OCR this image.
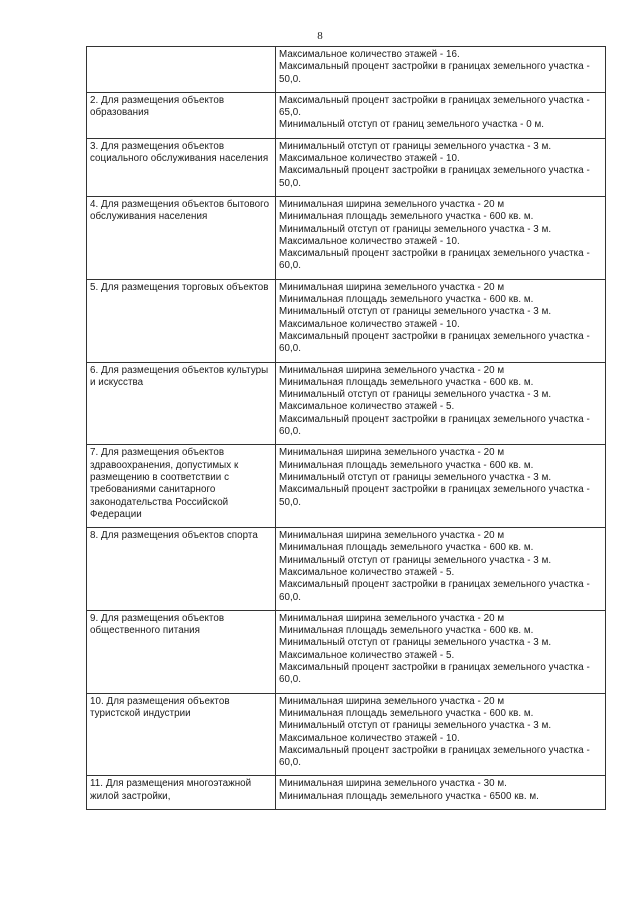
8

	Максимальное количество этажей - 16.
Максимальный процент застройки в границах земельного участка - 50,0.

2. Для размещения объектов образования	Максимальный процент застройки в границах земельного участка - 65,0.
Минимальный отступ от границ земельного участка - 0 м.

3. Для размещения объектов социального обслуживания населения	Минимальный отступ от границы земельного участка - 3 м.
Максимальное количество этажей - 10.
Максимальный процент застройки в границах земельного участка - 50,0.

4. Для размещения объектов бытового обслуживания населения	Минимальная ширина земельного участка - 20 м
Минимальная площадь земельного участка - 600 кв. м.
Минимальный отступ от границы земельного участка - 3 м.
Максимальное количество этажей - 10.
Максимальный процент застройки в границах земельного участка - 60,0.

5. Для размещения торговых объектов	Минимальная ширина земельного участка - 20 м
Минимальная площадь земельного участка - 600 кв. м.
Минимальный отступ от границы земельного участка - 3 м.
Максимальное количество этажей - 10.
Максимальный процент застройки в границах земельного участка - 60,0.

6. Для размещения объектов культуры и искусства	Минимальная ширина земельного участка - 20 м
Минимальная площадь земельного участка - 600 кв. м.
Минимальный отступ от границы земельного участка - 3 м.
Максимальное количество этажей - 5.
Максимальный процент застройки в границах земельного участка - 60,0.

7. Для размещения объектов здравоохранения, допустимых к размещению в соответствии с требованиями санитарного законодательства Российской Федерации	Минимальная ширина земельного участка - 20 м
Минимальная площадь земельного участка - 600 кв. м.
Минимальный отступ от границы земельного участка - 3 м.
Максимальный процент застройки в границах земельного участка - 50,0.

8. Для размещения объектов спорта	Минимальная ширина земельного участка - 20 м
Минимальная площадь земельного участка - 600 кв. м.
Минимальный отступ от границы земельного участка - 3 м.
Максимальное количество этажей - 5.
Максимальный процент застройки в границах земельного участка - 60,0.

9. Для размещения объектов общественного питания	Минимальная ширина земельного участка - 20 м
Минимальная площадь земельного участка - 600 кв. м.
Минимальный отступ от границы земельного участка - 3 м.
Максимальное количество этажей - 5.
Максимальный процент застройки в границах земельного участка - 60,0.

10. Для размещения объектов туристской индустрии	Минимальная ширина земельного участка - 20 м
Минимальная площадь земельного участка - 600 кв. м.
Минимальный отступ от границы земельного участка - 3 м.
Максимальное количество этажей - 10.
Максимальный процент застройки в границах земельного участка - 60,0.

11. Для размещения многоэтажной жилой застройки,	Минимальная ширина земельного участка - 30 м.
Минимальная площадь земельного участка - 6500 кв. м.
